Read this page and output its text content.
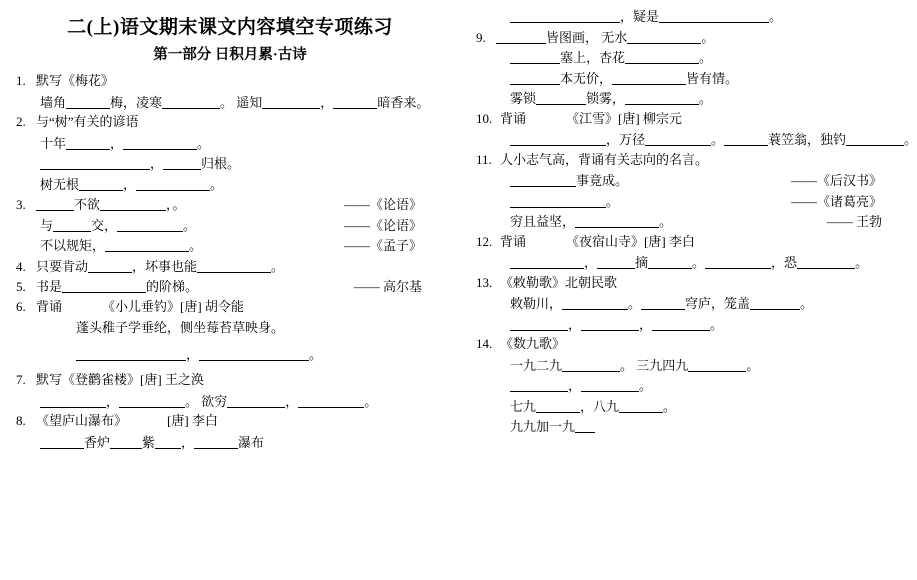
二(上)语文期末课文内容填空专项练习
第一部分 日积月累·古诗
1. 默写《梅花》
墙角	梅，凌寒	。 遥知	，	暗香来。
2. 与“树”有关的谚语
十年	，	。
，	归根。
树无根	，	。
3.	不欲	，。	——《论语》
与	交，	。	——《论语》
不以规矩，	。	——《孟子》
4. 只要肯动	，坏事也能	。
5. 书是	的阶梯。	—— 高尔基
6. 背诵	《小儿垂钓》[唐] 胡令能
蓬头稚子学垂纶，侧坐莓苔草映身。
，	。
7. 默写《登鹳雀楼》[唐] 王之涣
，	。 欲穷	，	。
8. 《望庐山瀑布》	[唐] 李白
香炉 紫 ，	瀑布
，疑是	。
9.	皆图画， 无水	。
塞上，杏花	。
本无价，	皆有情。
雾锁	锁雾，	。
10. 背诵	《江雪》[唐] 柳宗元
，万径	。	蓑笠翁，独钓	。
11. 人小志气高，背诵有关志向的名言。
事竟成。	——《后汉书》
。	——《诸葛亮》
穷且益坚，	。	—— 王勃
12. 背诵	《夜宿山寺》[唐] 李白
，	摘	。	，恐	。
13. 《敕勒歌》北朝民歌
敕勒川，	。	穹庐，笼盖	。
，	，	。
14. 《数九歌》
一九二九	。 三九四九	。
，	。
七九	，八九	。
九九加一九
